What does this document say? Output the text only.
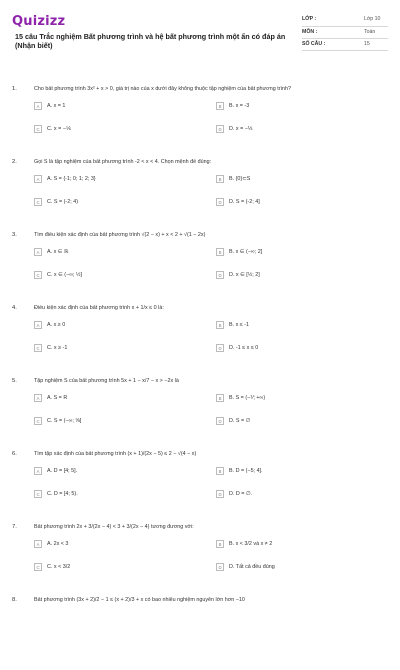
Quizizz
15 câu Trắc nghiệm Bất phương trình và hệ bất phương trình một ẩn có đáp án (Nhận biết)
LỚP :	Lớp 10
MÔN :	Toán
SỐ CÂU :	15
1.	Cho bất phương trình 3x² + x > 0, giá trị nào của x dưới đây không thuộc tập nghiệm của bất phương trình?
A	A. x = 1	B	B. x = -3
C	C. x = −⅙	D	D. x = −⅓
2.	Gọi S là tập nghiệm của bất phương trình -2 < x < 4. Chọn mệnh đề đúng:
A	A. S = {-1; 0; 1; 2; 3}	B	B. {0}⊂S
C	C. S = (-2; 4)	D	D. S = (-2; 4]
3.	Tìm điều kiện xác định của bất phương trình √(2 − x) + x < 2 + √(1 − 2x)
A	A. x ∈ ℝ	B	B. x ∈ (−∞; 2]
C	C. x ∈ (−∞; ½]	D	D. x ∈ [½; 2]
4.	Điều kiện xác định của bất phương trình x + 1/x ≤ 0 là:
A	A. x ≥ 0	B	B. x ≤ -1
C	C. x ≥ -1	D	D. -1 ≤ x ≤ 0
5.	Tập nghiệm S của bất phương trình 5x + 1 − x/7 − x > −2x là
A	A. S = R	B	B. S = (−⅟; +∞)
C	C. S = (−∞; ⅝]	D	D. S = ∅
6.	Tìm tập xác định của bất phương trình (x + 1)/(2x − 5) ≤ 2 − √(4 − x)
A	A. D = [4; 5].	B	B. D = (−5; 4].
C	C. D = [4; 5).	D	D. D = ∅.
7.	Bất phương trình 2x + 3/(2x − 4) < 3 + 3/(2x − 4) tương đương với:
A	A. 2x < 3	B	B. x < 3/2 và x ≠ 2
C	C. x < 3/2	D	D. Tất cả đều đúng
8.	Bất phương trình (3x + 2)/2 − 1 ≤ (x + 2)/3 + x có bao nhiêu nghiệm nguyên lớn hơn −10
